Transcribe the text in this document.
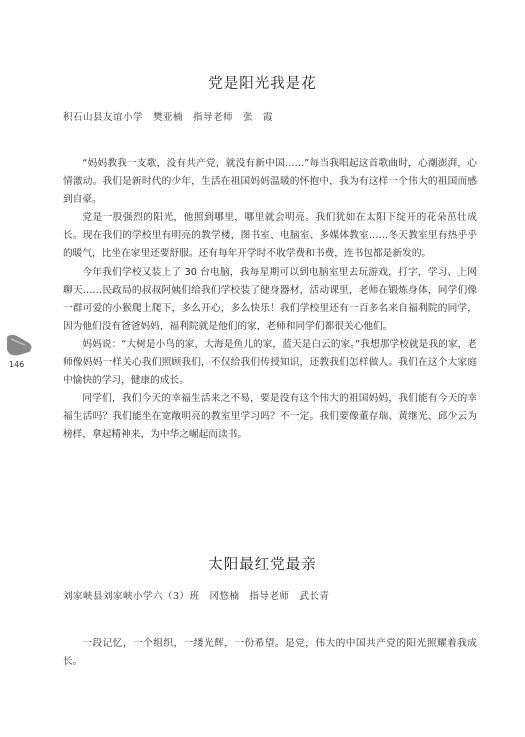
党是阳光我是花
积石山县友谊小学　樊亚楠　指导老师　张　霞

“妈妈教我一支歌，没有共产党，就没有新中国……”每当我唱起这首歌曲时，心潮澎湃，心情激动。我们是新时代的少年，生活在祖国妈妈温暖的怀抱中，我为有这样一个伟大的祖国而感到自豪。

党是一股强烈的阳光，他照到哪里，哪里就会明亮。我们犹如在太阳下绽开的花朵茁壮成长。现在我们的学校里有明亮的教学楼，图书室、电脑室、多媒体教室……冬天教室里有热乎乎的暖气，比坐在家里还要舒服。还有每年开学时不收学费和书费，连书包都是新发的。

今年我们学校又装上了 30 台电脑，我每星期可以到电脑室里去玩游戏，打字，学习、上网聊天……民政局的叔叔阿姨们给我们学校装了健身器材，活动课里，老师在锻炼身体，同学们像一群可爱的小猴爬上爬下，多么开心，多么快乐！我们学校里还有一百多名来自福利院的同学，因为他们没有爸爸妈妈，福利院就是他们的家，老师和同学们都很关心他们。

妈妈说：“大树是小鸟的家，大海是鱼儿的家，蓝天是白云的家。”我想那学校就是我的家，老师像妈妈一样关心我们照顾我们，不仅给我们传授知识，还教我们怎样做人。我们在这个大家庭中愉快的学习，健康的成长。

同学们，我们今天的幸福生活来之不易，要是没有这个伟大的祖国妈妈，我们能有今天的幸福生活吗？我们能坐在宽敞明亮的教室里学习吗？不一定。我们要像董存瑞、黄继光、邱少云为榜样，拿起精神来，为中华之崛起而读书。

146
太阳最红党最亲
刘家峡县刘家峡小学六（3）班　冈悠楠　指导老师　武长青

一段记忆，一个组织，一缕光辉，一份希望。是党，伟大的中国共产党的阳光照耀着我成长。
